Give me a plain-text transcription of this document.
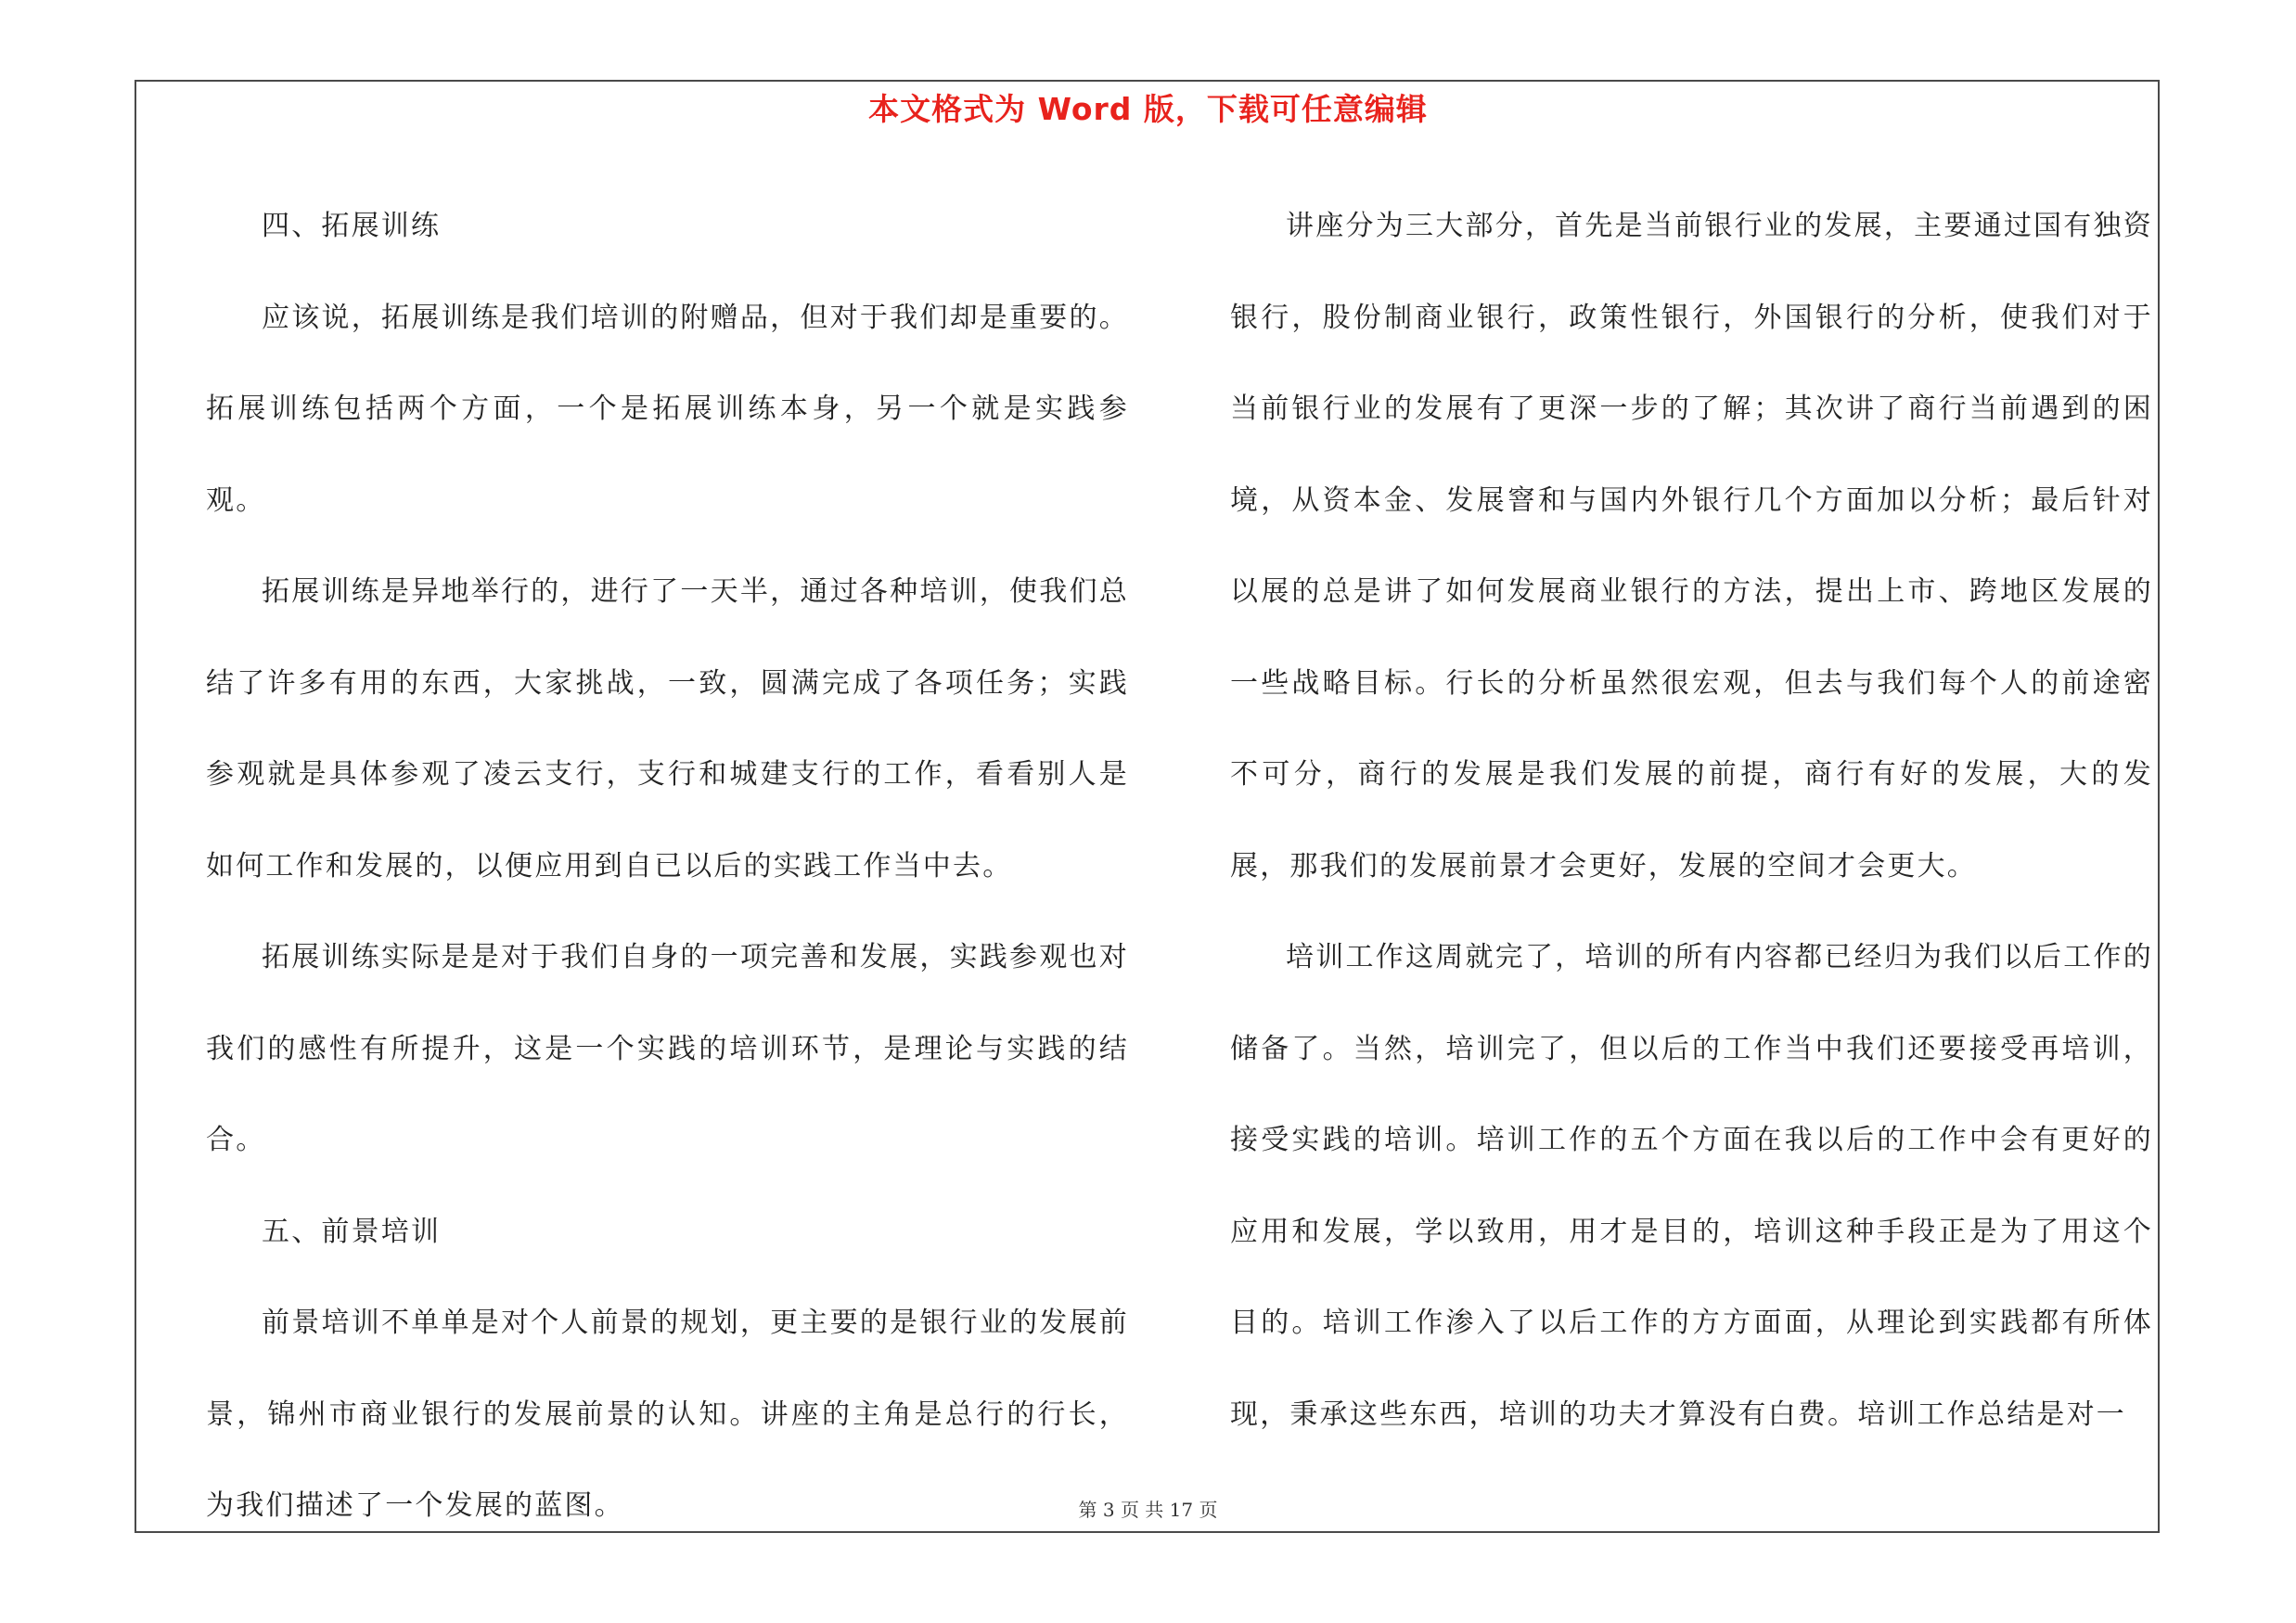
本文格式为 Word 版，下载可任意编辑

四、拓展训练

应该说，拓展训练是我们培训的附赠品，但对于我们却是重要的。拓展训练包括两个方面，一个是拓展训练本身，另一个就是实践参观。

拓展训练是异地举行的，进行了一天半，通过各种培训，使我们总结了许多有用的东西，大家挑战，一致，圆满完成了各项任务；实践参观就是具体参观了凌云支行，支行和城建支行的工作，看看别人是如何工作和发展的，以便应用到自已以后的实践工作当中去。

拓展训练实际是是对于我们自身的一项完善和发展，实践参观也对我们的感性有所提升，这是一个实践的培训环节，是理论与实践的结合。

五、前景培训

前景培训不单单是对个人前景的规划，更主要的是银行业的发展前景，锦州市商业银行的发展前景的认知。讲座的主角是总行的行长，为我们描述了一个发展的蓝图。

讲座分为三大部分，首先是当前银行业的发展，主要通过国有独资银行，股份制商业银行，政策性银行，外国银行的分析，使我们对于当前银行业的发展有了更深一步的了解；其次讲了商行当前遇到的困境，从资本金、发展窨和与国内外银行几个方面加以分析；最后针对以展的总是讲了如何发展商业银行的方法，提出上市、跨地区发展的一些战略目标。行长的分析虽然很宏观，但去与我们每个人的前途密不可分，商行的发展是我们发展的前提，商行有好的发展，大的发展，那我们的发展前景才会更好，发展的空间才会更大。

培训工作这周就完了，培训的所有内容都已经归为我们以后工作的储备了。当然，培训完了，但以后的工作当中我们还要接受再培训，接受实践的培训。培训工作的五个方面在我以后的工作中会有更好的应用和发展，学以致用，用才是目的，培训这种手段正是为了用这个目的。培训工作渗入了以后工作的方方面面，从理论到实践都有所体现，秉承这些东西，培训的功夫才算没有白费。培训工作总结是对一

第 3 页 共 17 页
